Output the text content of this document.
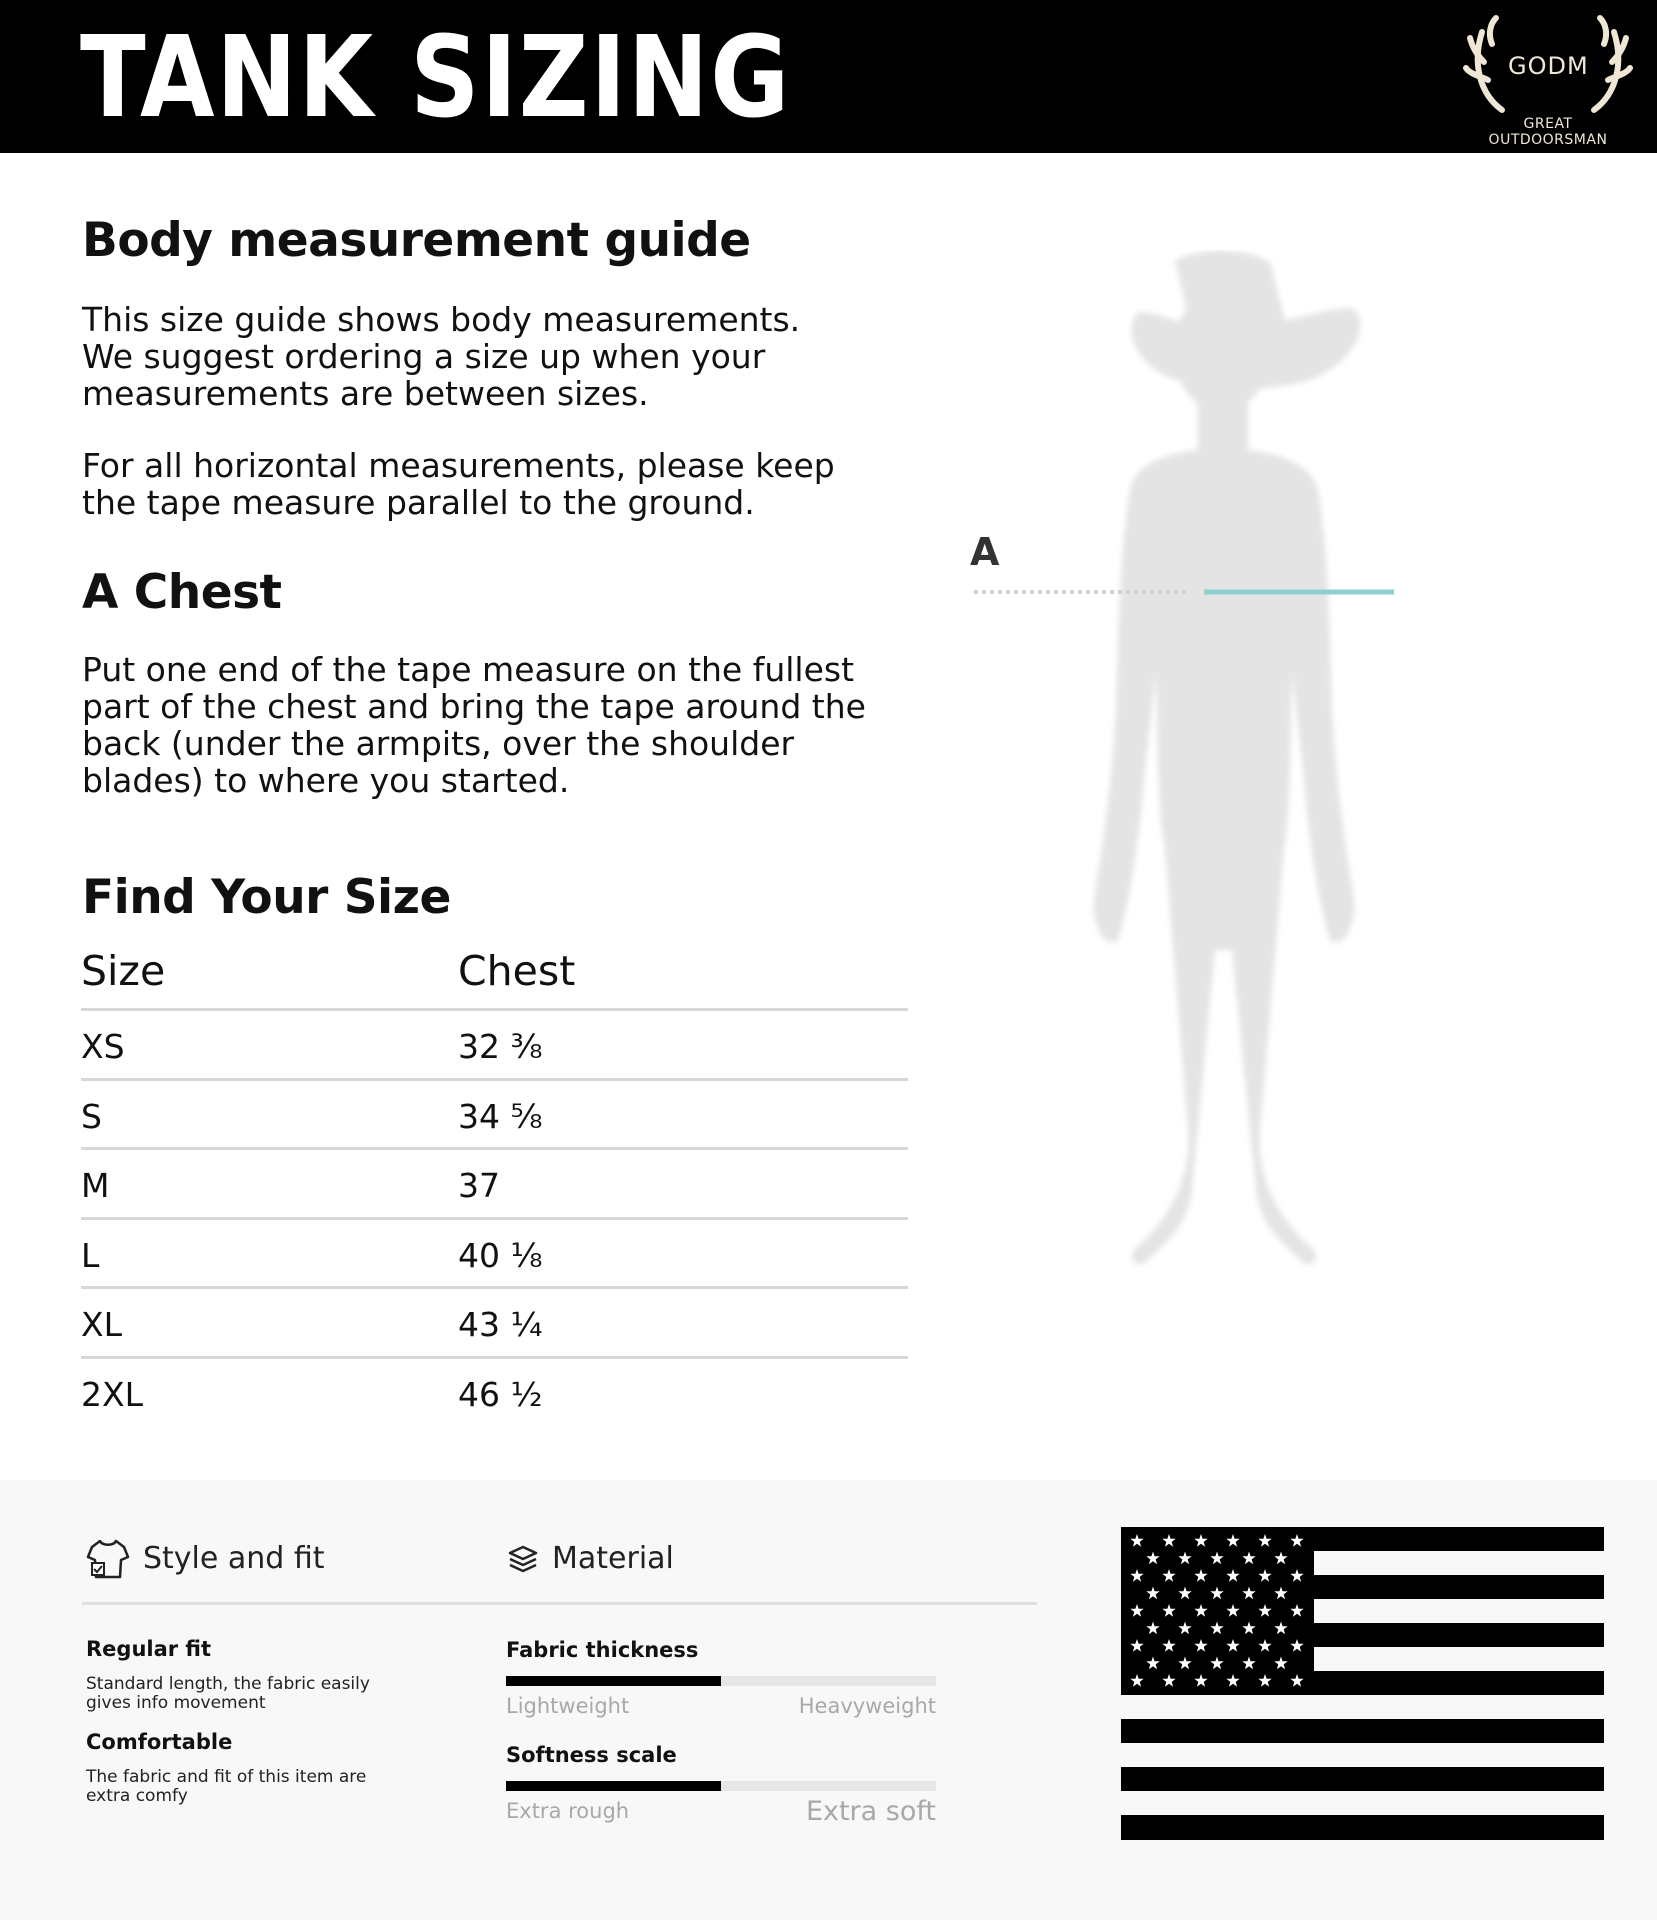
TANK SIZING	GODM
GREAT OUTDOORSMAN
Body measurement guide
This size guide shows body measurements.
We suggest ordering a size up when your
measurements are between sizes.
For all horizontal measurements, please keep
the tape measure parallel to the ground.
A Chest
Put one end of the tape measure on the fullest
part of the chest and bring the tape around the
back (under the armpits, over the shoulder
blades) to where you started.
Find Your Size
Size	Chest
XS	32 ⅜
S	34 ⅝
M	37
L	40 ⅛
XL	43 ¼
2XL	46 ½
A
Style and fit	Material
Regular fit
Standard length, the fabric easily
gives info movement
Comfortable
The fabric and fit of this item are
extra comfy
Fabric thickness
Lightweight	Heavyweight
Softness scale
Extra rough	Extra soft
